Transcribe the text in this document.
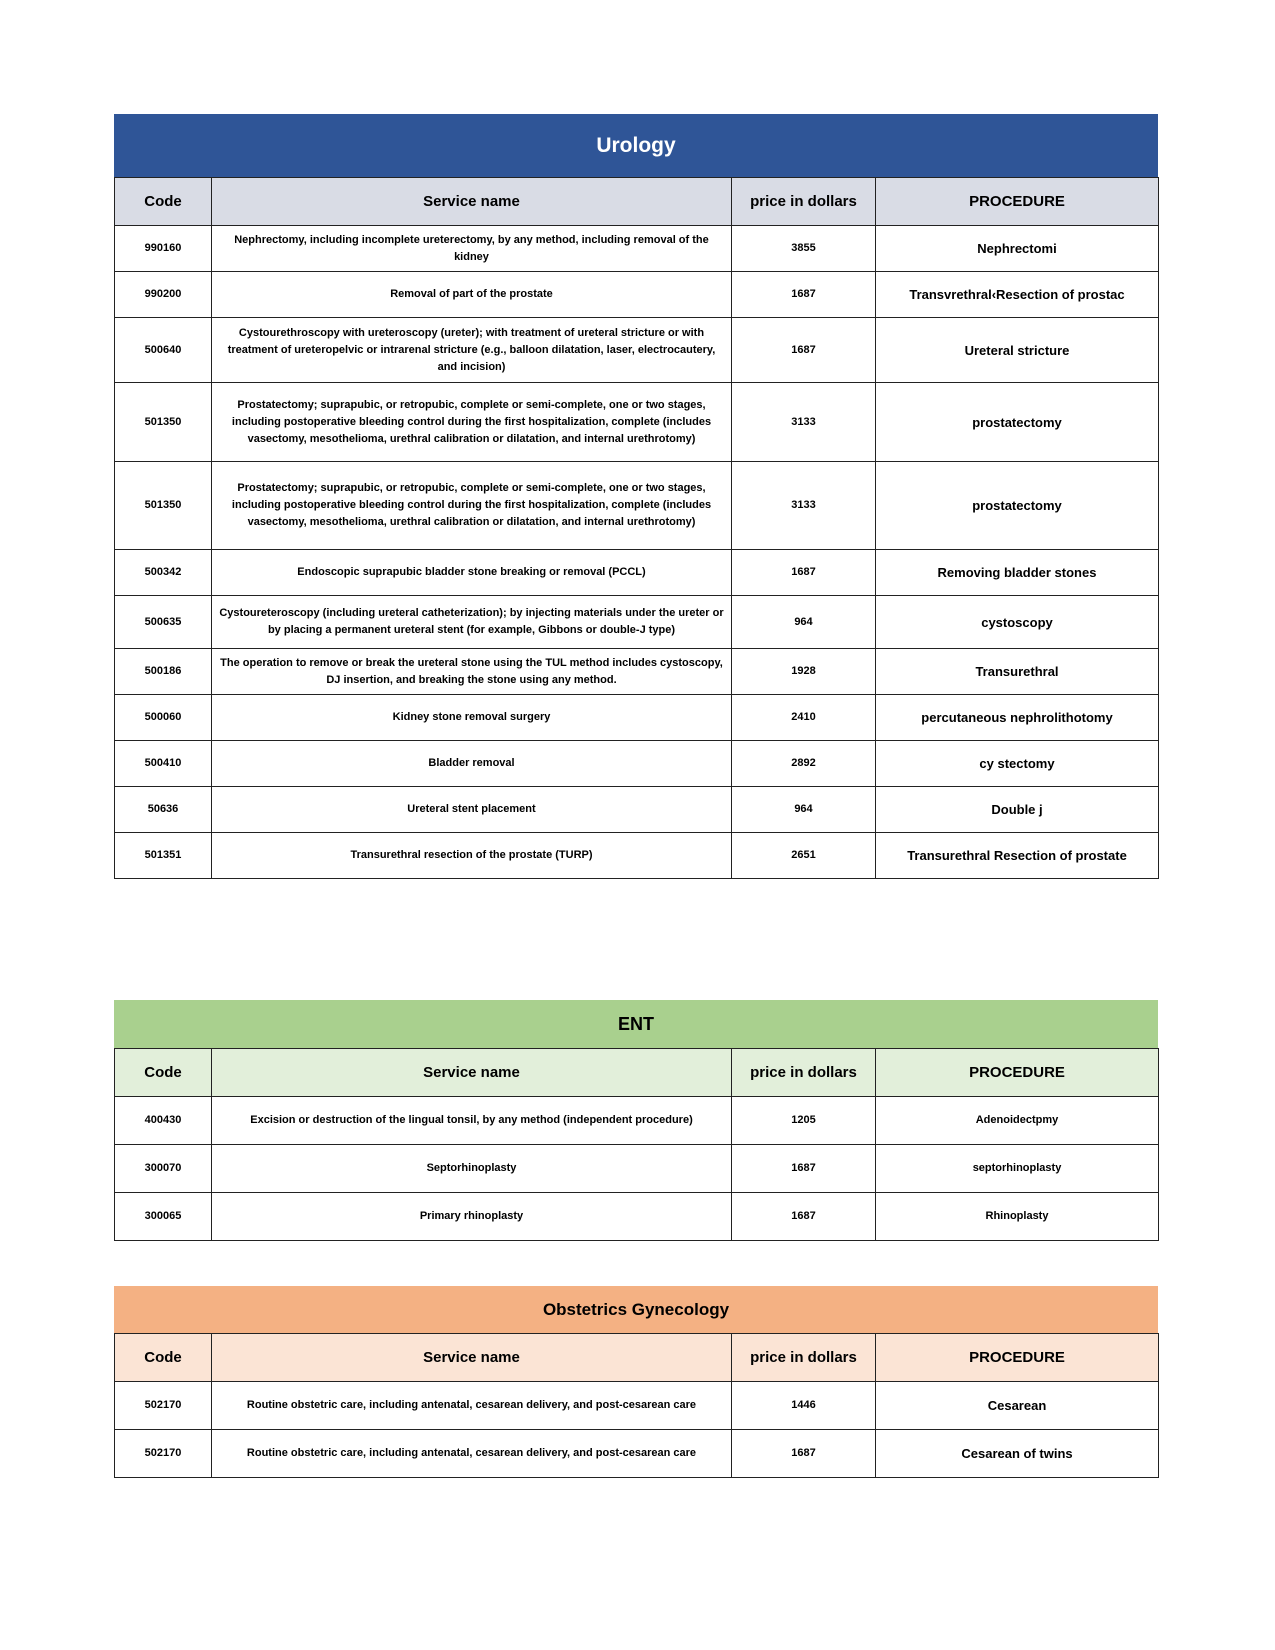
Urology
Code	Service name	price in dollars	PROCEDURE
990160	Nephrectomy, including incomplete ureterectomy, by any method, including removal of the kidney	3855	Nephrectomi
990200	Removal of part of the prostate	1687	Transvrethral‹Resection of prostac
500640	Cystourethroscopy with ureteroscopy (ureter); with treatment of ureteral stricture or with treatment of ureteropelvic or intrarenal stricture (e.g., balloon dilatation, laser, electrocautery, and incision)	1687	Ureteral stricture
501350	Prostatectomy; suprapubic, or retropubic, complete or semi-complete, one or two stages, including postoperative bleeding control during the first hospitalization, complete (includes vasectomy, mesothelioma, urethral calibration or dilatation, and internal urethrotomy)	3133	prostatectomy
501350	Prostatectomy; suprapubic, or retropubic, complete or semi-complete, one or two stages, including postoperative bleeding control during the first hospitalization, complete (includes vasectomy, mesothelioma, urethral calibration or dilatation, and internal urethrotomy)	3133	prostatectomy
500342	Endoscopic suprapubic bladder stone breaking or removal (PCCL)	1687	Removing bladder stones
500635	Cystoureteroscopy (including ureteral catheterization); by injecting materials under the ureter or by placing a permanent ureteral stent (for example, Gibbons or double-J type)	964	cystoscopy
500186	The operation to remove or break the ureteral stone using the TUL method includes cystoscopy, DJ insertion, and breaking the stone using any method.	1928	Transurethral
500060	Kidney stone removal surgery	2410	percutaneous nephrolithotomy
500410	Bladder removal	2892	cy stectomy
50636	Ureteral stent placement	964	Double j
501351	Transurethral resection of the prostate (TURP)	2651	Transurethral Resection of prostate
ENT
Code	Service name	price in dollars	PROCEDURE
400430	Excision or destruction of the lingual tonsil, by any method (independent procedure)	1205	Adenoidectpmy
300070	Septorhinoplasty	1687	septorhinoplasty
300065	Primary rhinoplasty	1687	Rhinoplasty
Obstetrics Gynecology
Code	Service name	price in dollars	PROCEDURE
502170	Routine obstetric care, including antenatal, cesarean delivery, and post-cesarean care	1446	Cesarean
502170	Routine obstetric care, including antenatal, cesarean delivery, and post-cesarean care	1687	Cesarean of twins
